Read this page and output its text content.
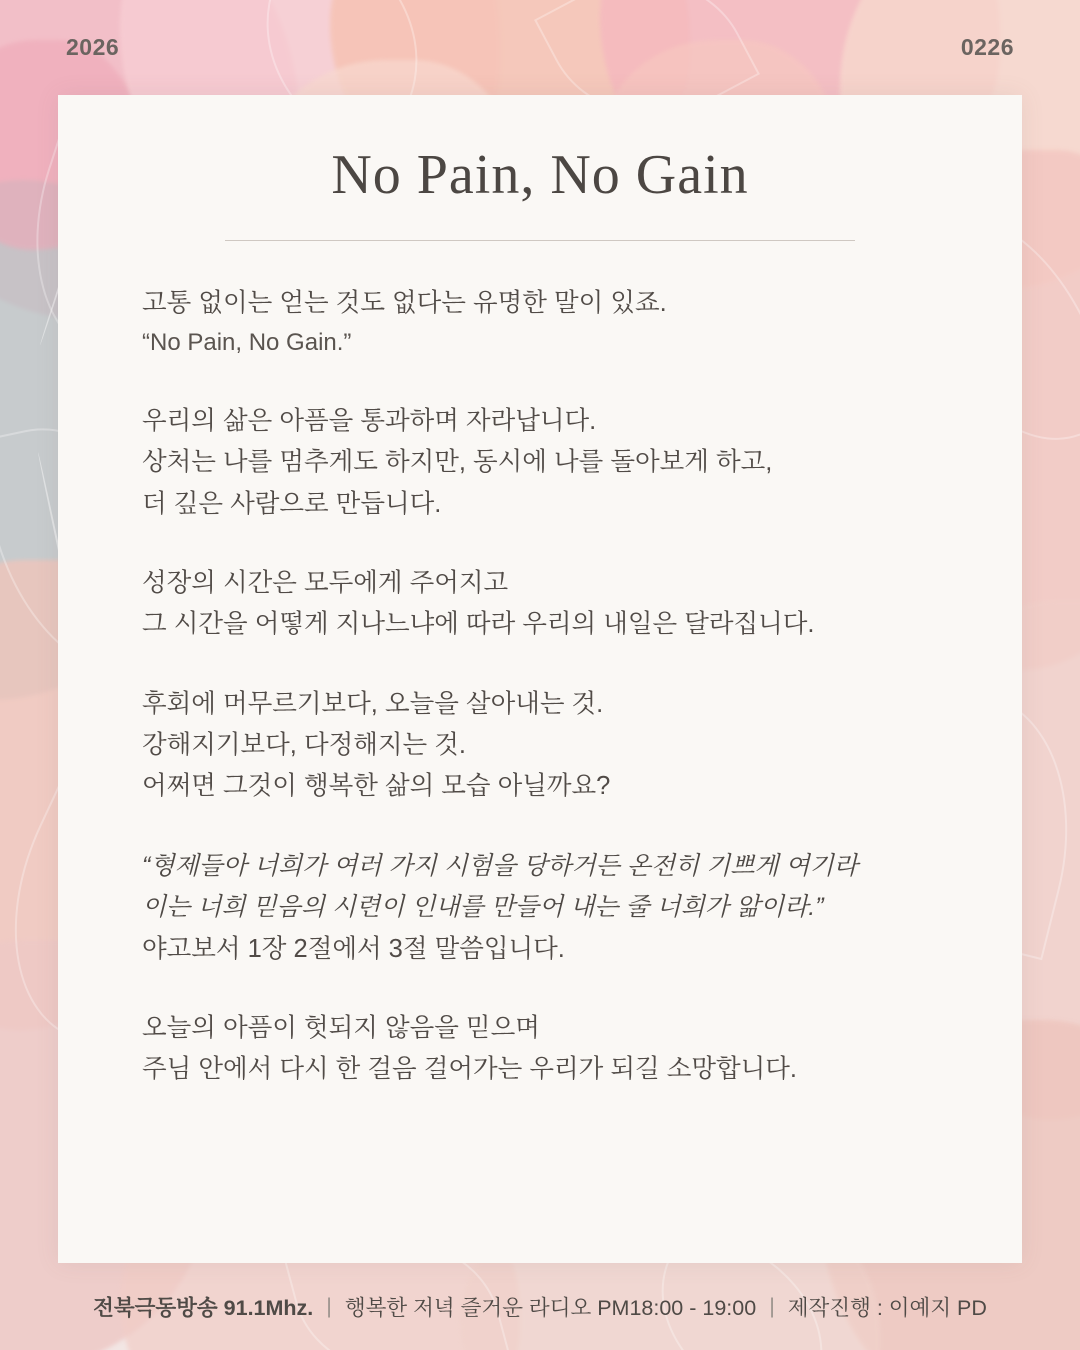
2026	0226
No Pain, No Gain
고통 없이는 얻는 것도 없다는 유명한 말이 있죠.
“No Pain, No Gain.”
우리의 삶은 아픔을 통과하며 자라납니다.
상처는 나를 멈추게도 하지만, 동시에 나를 돌아보게 하고,
더 깊은 사람으로 만듭니다.
성장의 시간은 모두에게 주어지고
그 시간을 어떻게 지나느냐에 따라 우리의 내일은 달라집니다.
후회에 머무르기보다, 오늘을 살아내는 것.
강해지기보다, 다정해지는 것.
어쩌면 그것이 행복한 삶의 모습 아닐까요?
“형제들아 너희가 여러 가지 시험을 당하거든 온전히 기쁘게 여기라
이는 너희 믿음의 시련이 인내를 만들어 내는 줄 너희가 앎이라.”
야고보서 1장 2절에서 3절 말씀입니다.
오늘의 아픔이 헛되지 않음을 믿으며
주님 안에서 다시 한 걸음 걸어가는 우리가 되길 소망합니다.
전북극동방송 91.1Mhz. | 행복한 저녁 즐거운 라디오 PM18:00 - 19:00 | 제작진행 : 이예지 PD
